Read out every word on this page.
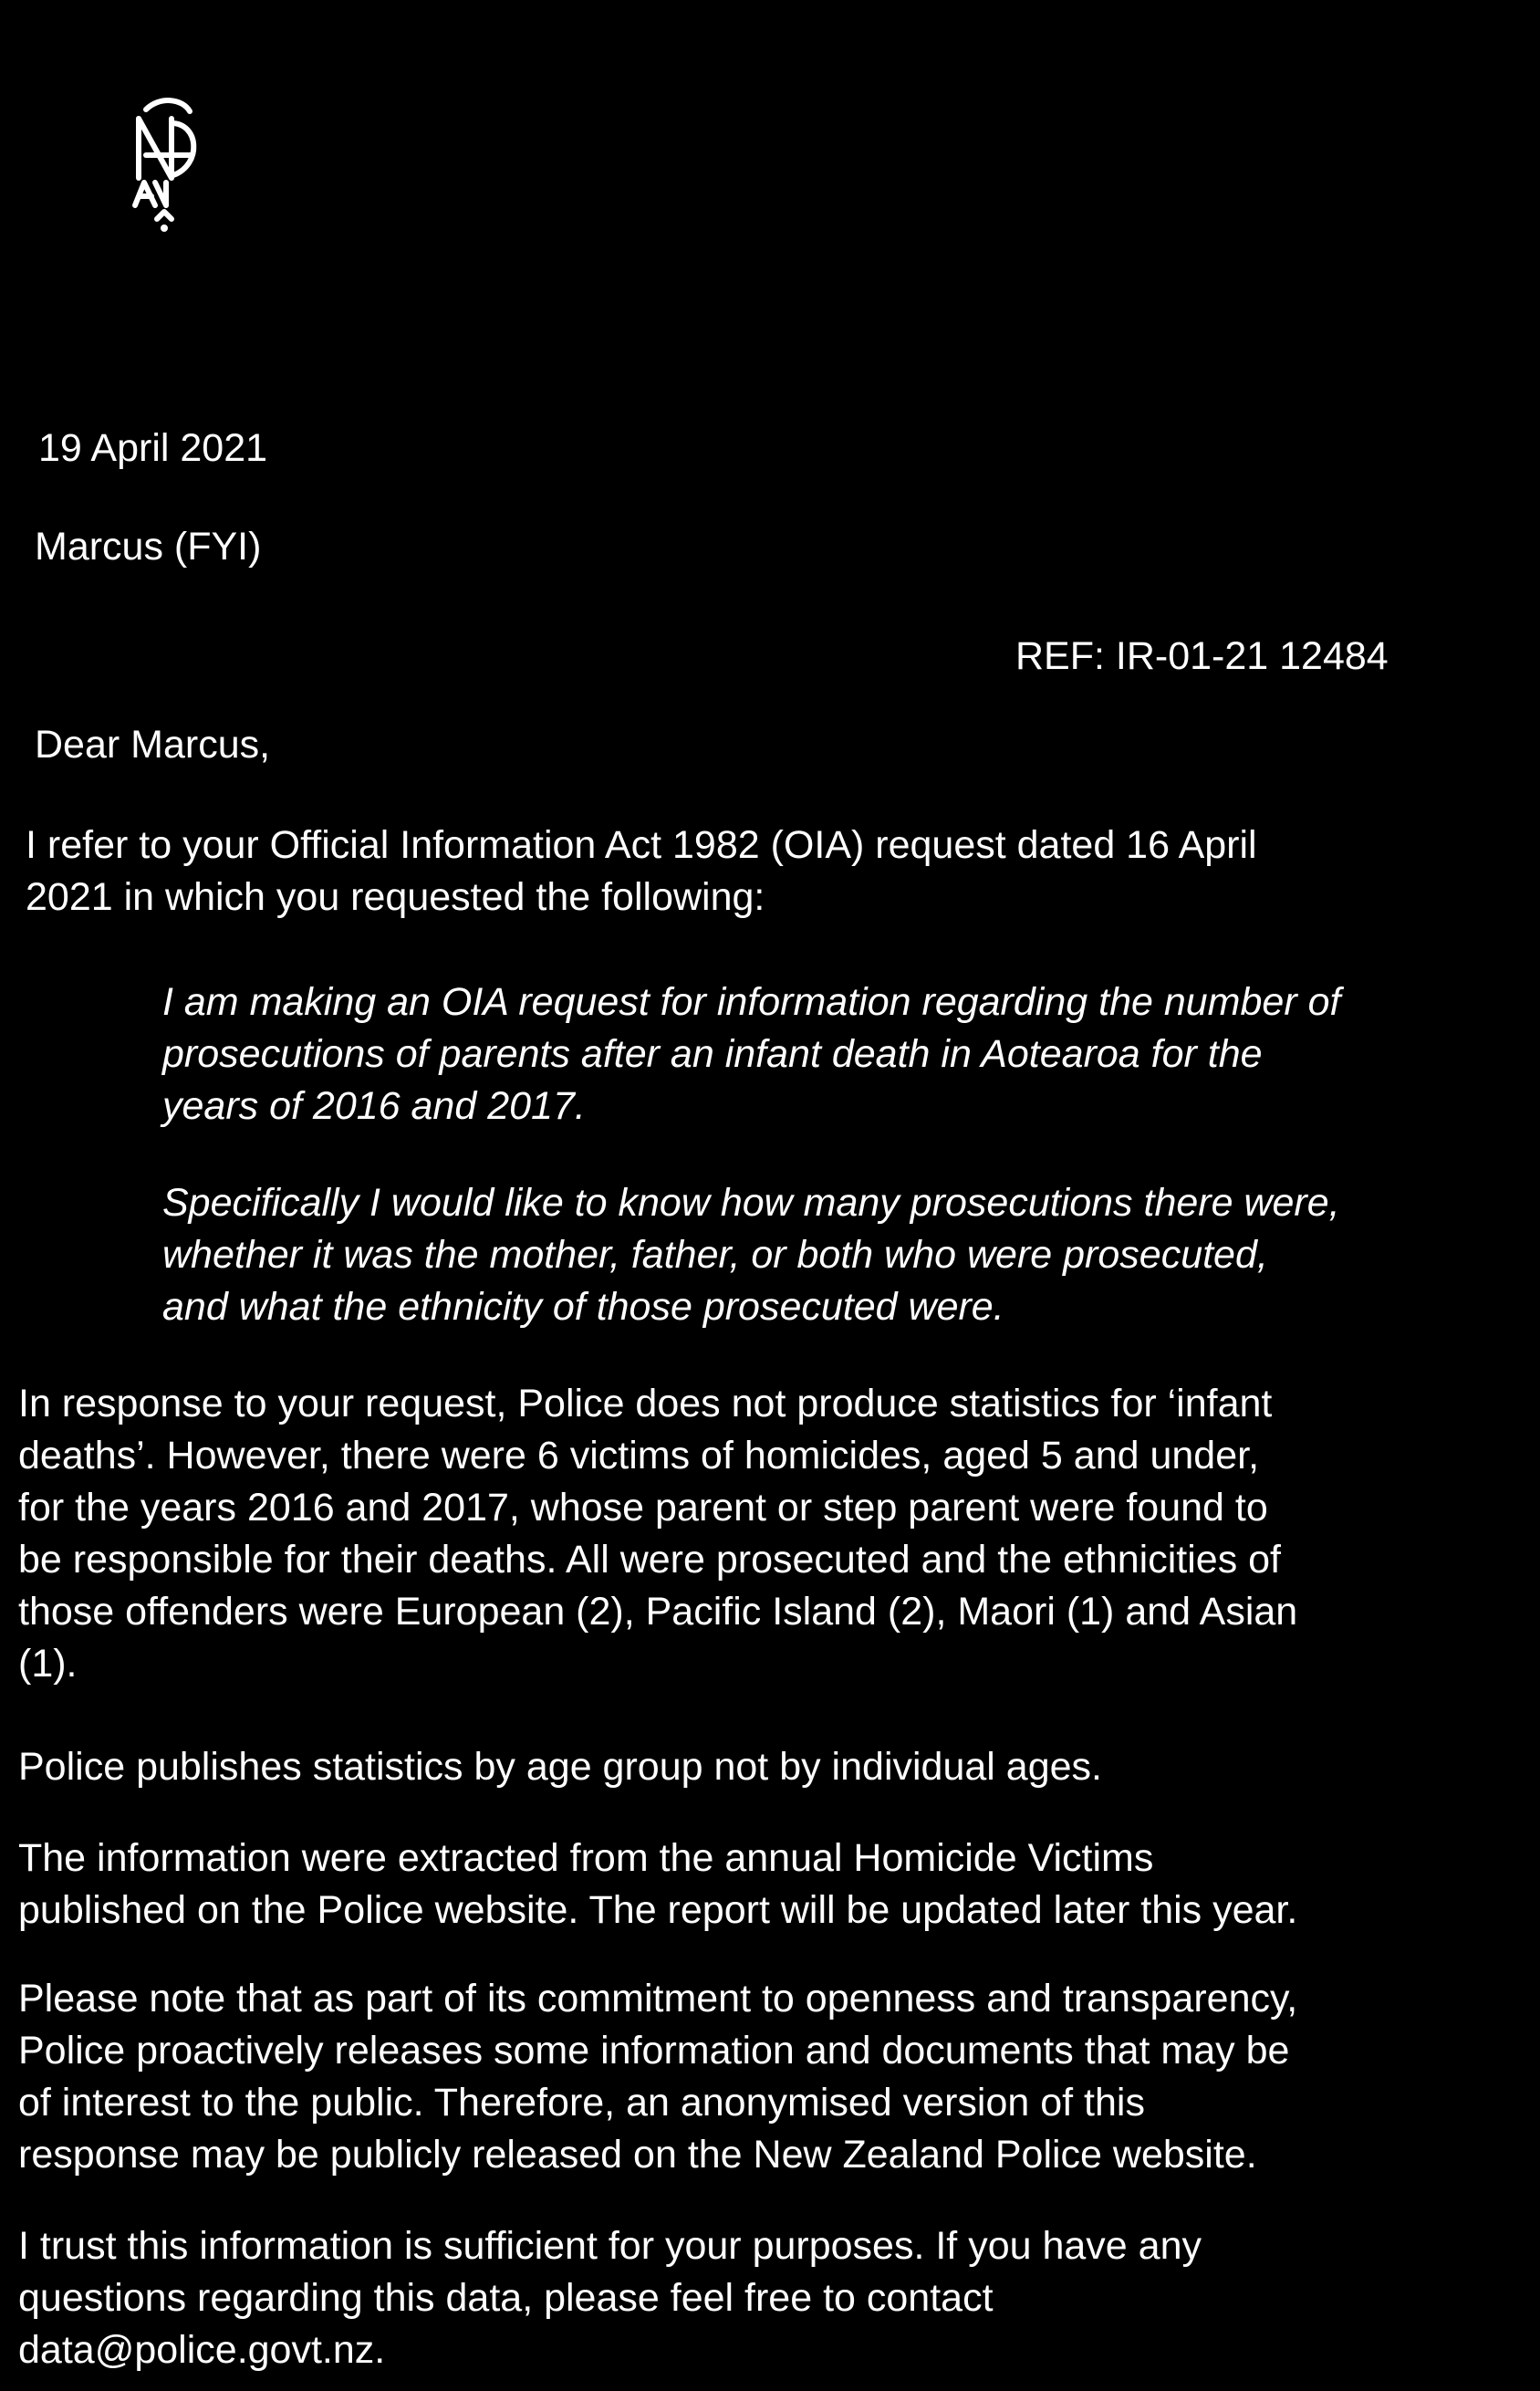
19 April 2021
Marcus (FYI)
REF: IR-01-21 12484
Dear Marcus,
I refer to your Official Information Act 1982 (OIA) request dated 16 April
2021 in which you requested the following:
I am making an OIA request for information regarding the number of
prosecutions of parents after an infant death in Aotearoa for the
years of 2016 and 2017.
Specifically I would like to know how many prosecutions there were,
whether it was the mother, father, or both who were prosecuted,
and what the ethnicity of those prosecuted were.
In response to your request, Police does not produce statistics for ‘infant
deaths’. However, there were 6 victims of homicides, aged 5 and under,
for the years 2016 and 2017, whose parent or step parent were found to
be responsible for their deaths. All were prosecuted and the ethnicities of
those offenders were European (2), Pacific Island (2), Maori (1) and Asian
(1).
Police publishes statistics by age group not by individual ages.
The information were extracted from the annual Homicide Victims
published on the Police website. The report will be updated later this year.
Please note that as part of its commitment to openness and transparency,
Police proactively releases some information and documents that may be
of interest to the public. Therefore, an anonymised version of this
response may be publicly released on the New Zealand Police website.
I trust this information is sufficient for your purposes. If you have any
questions regarding this data, please feel free to contact
data@police.govt.nz.
